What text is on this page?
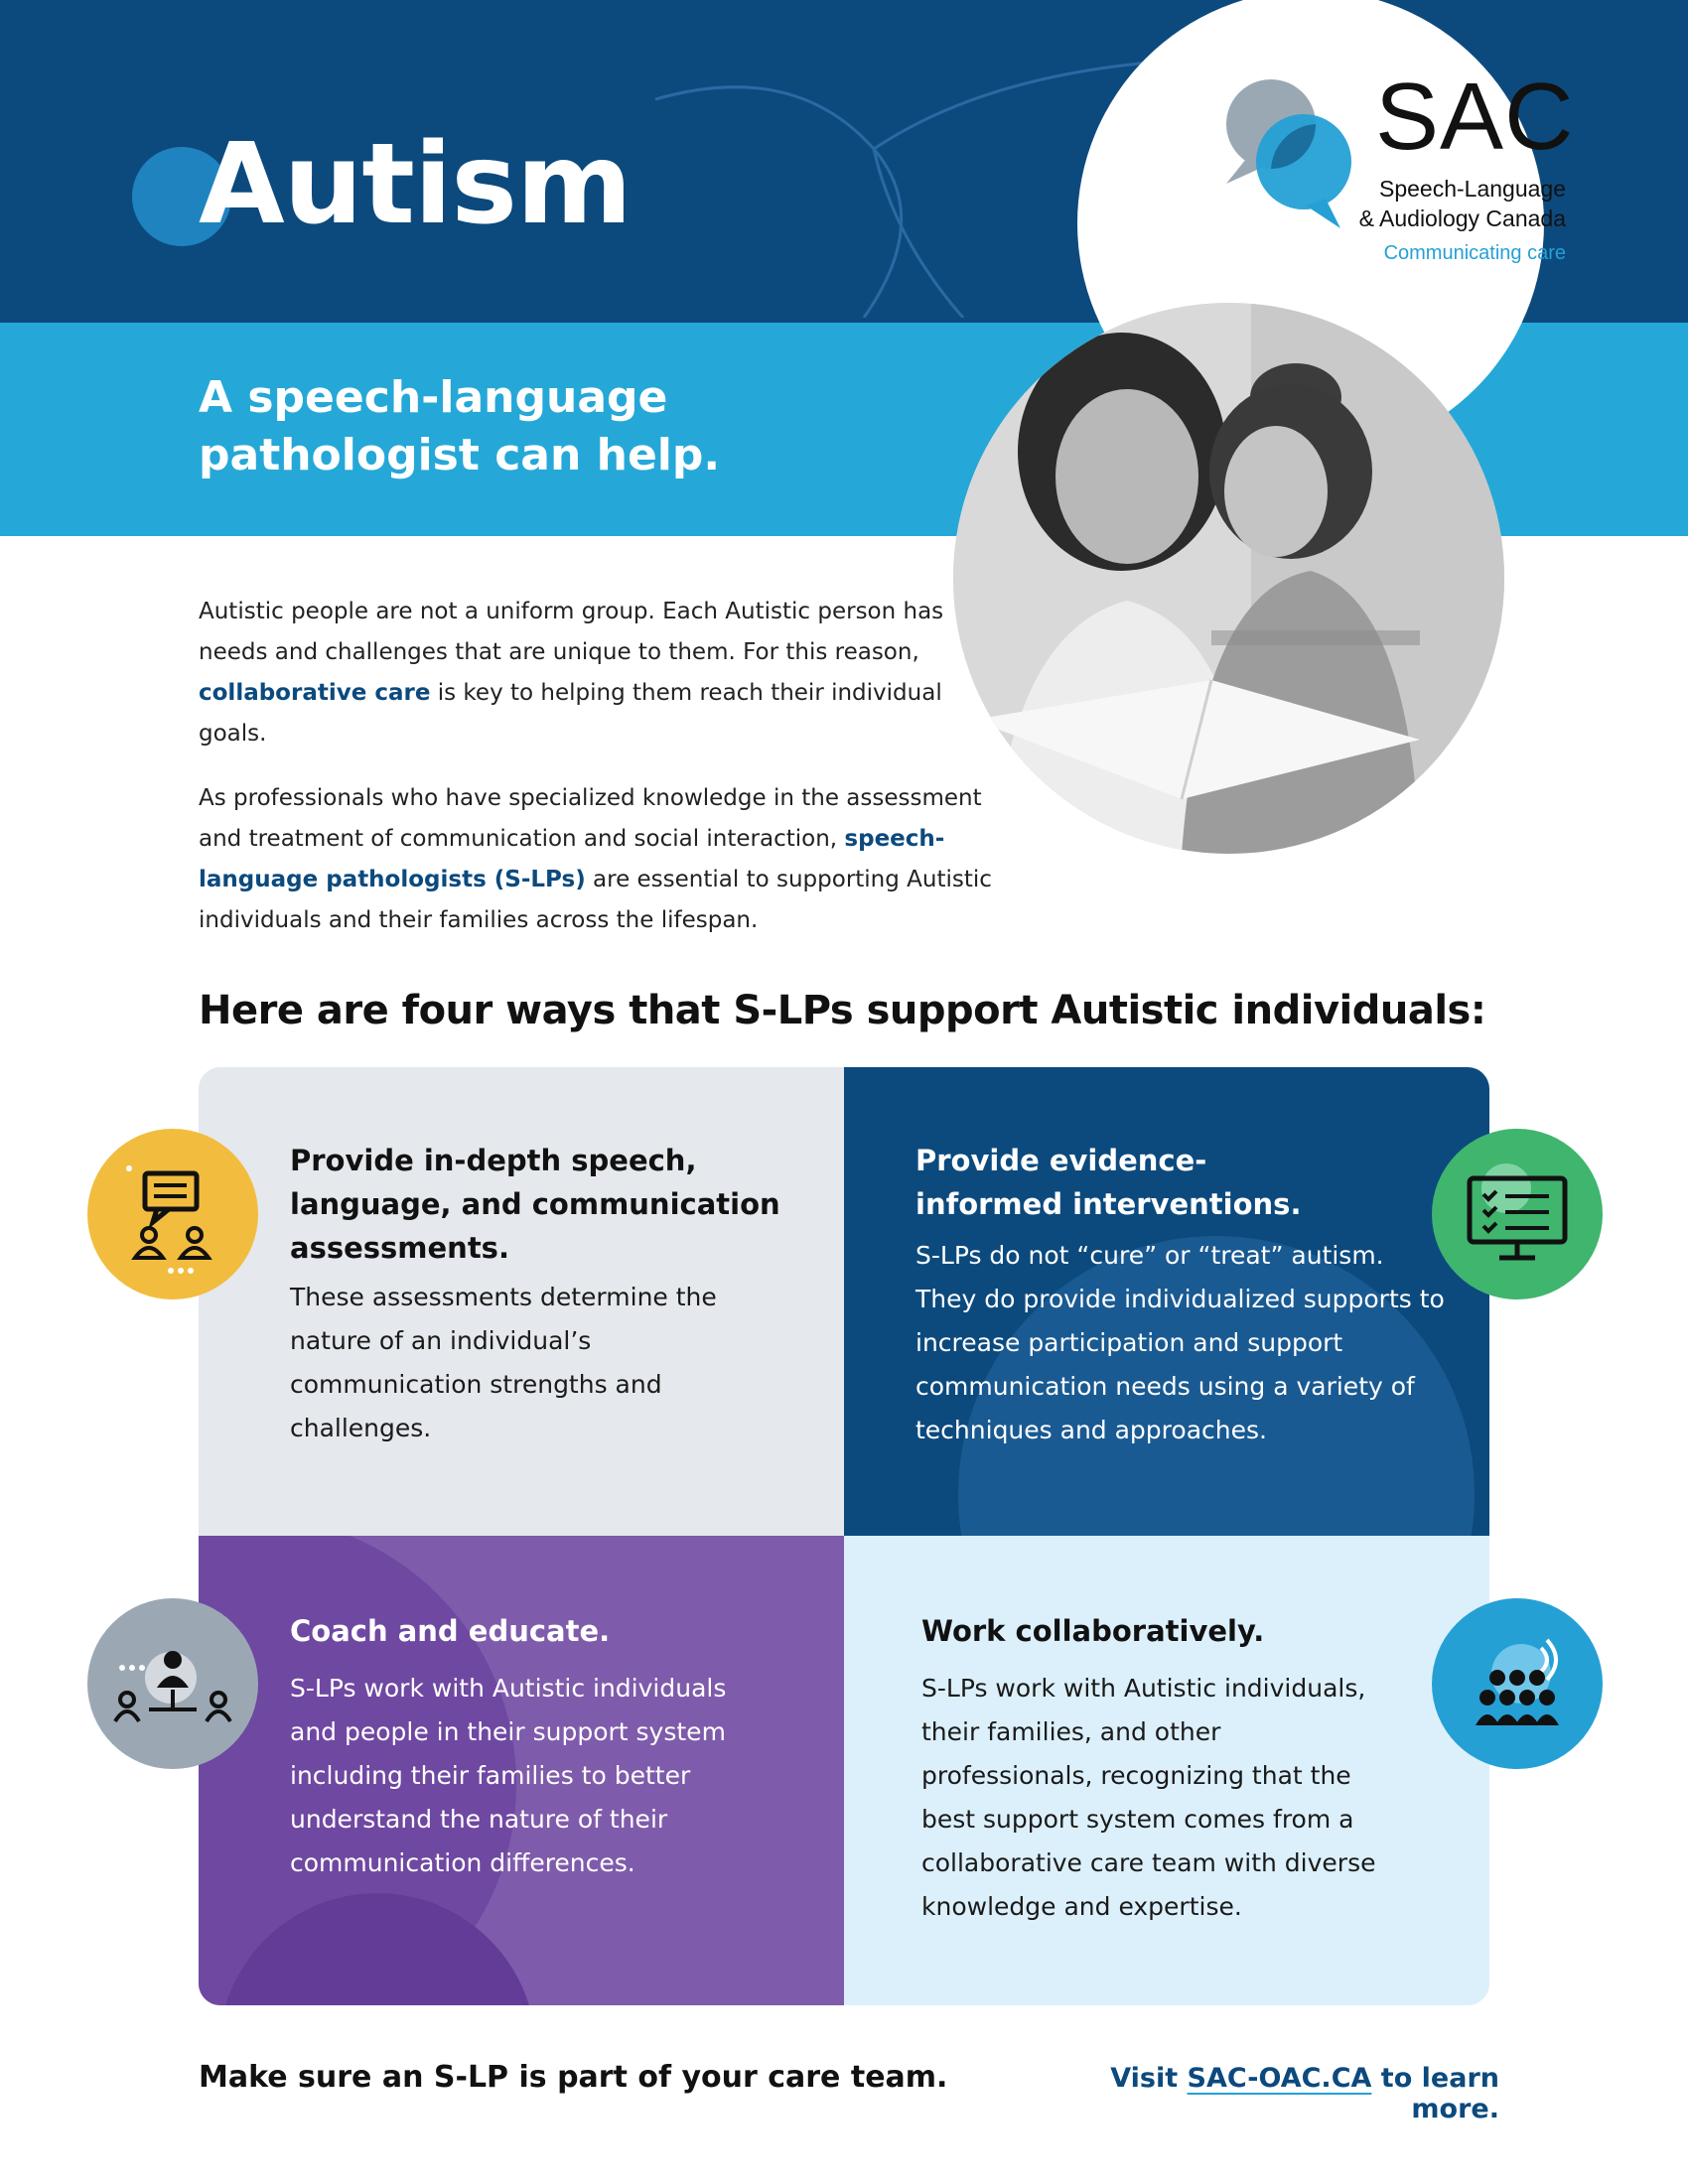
Autism
A speech-language
pathologist can help.
SAC
Speech-Language
& Audiology Canada
Communicating care
Autistic people are not a uniform group. Each Autistic person has needs and challenges that are unique to them. For this reason, collaborative care is key to helping them reach their individual goals.
As professionals who have specialized knowledge in the assessment and treatment of communication and social interaction, speech-language pathologists (S-LPs) are essential to supporting Autistic individuals and their families across the lifespan.
Here are four ways that S-LPs support Autistic individuals:
Provide in-depth speech, language, and communication assessments.
These assessments determine the nature of an individual’s communication strengths and challenges.
Provide evidence-informed interventions.
S-LPs do not “cure” or “treat” autism. They do provide individualized supports to increase participation and support communication needs using a variety of techniques and approaches.
Coach and educate.
S-LPs work with Autistic individuals and people in their support system including their families to better understand the nature of their communication differences.
Work collaboratively.
S-LPs work with Autistic individuals, their families, and other professionals, recognizing that the best support system comes from a collaborative care team with diverse knowledge and expertise.
Make sure an S-LP is part of your care team.	Visit SAC-OAC.CA to learn more.
